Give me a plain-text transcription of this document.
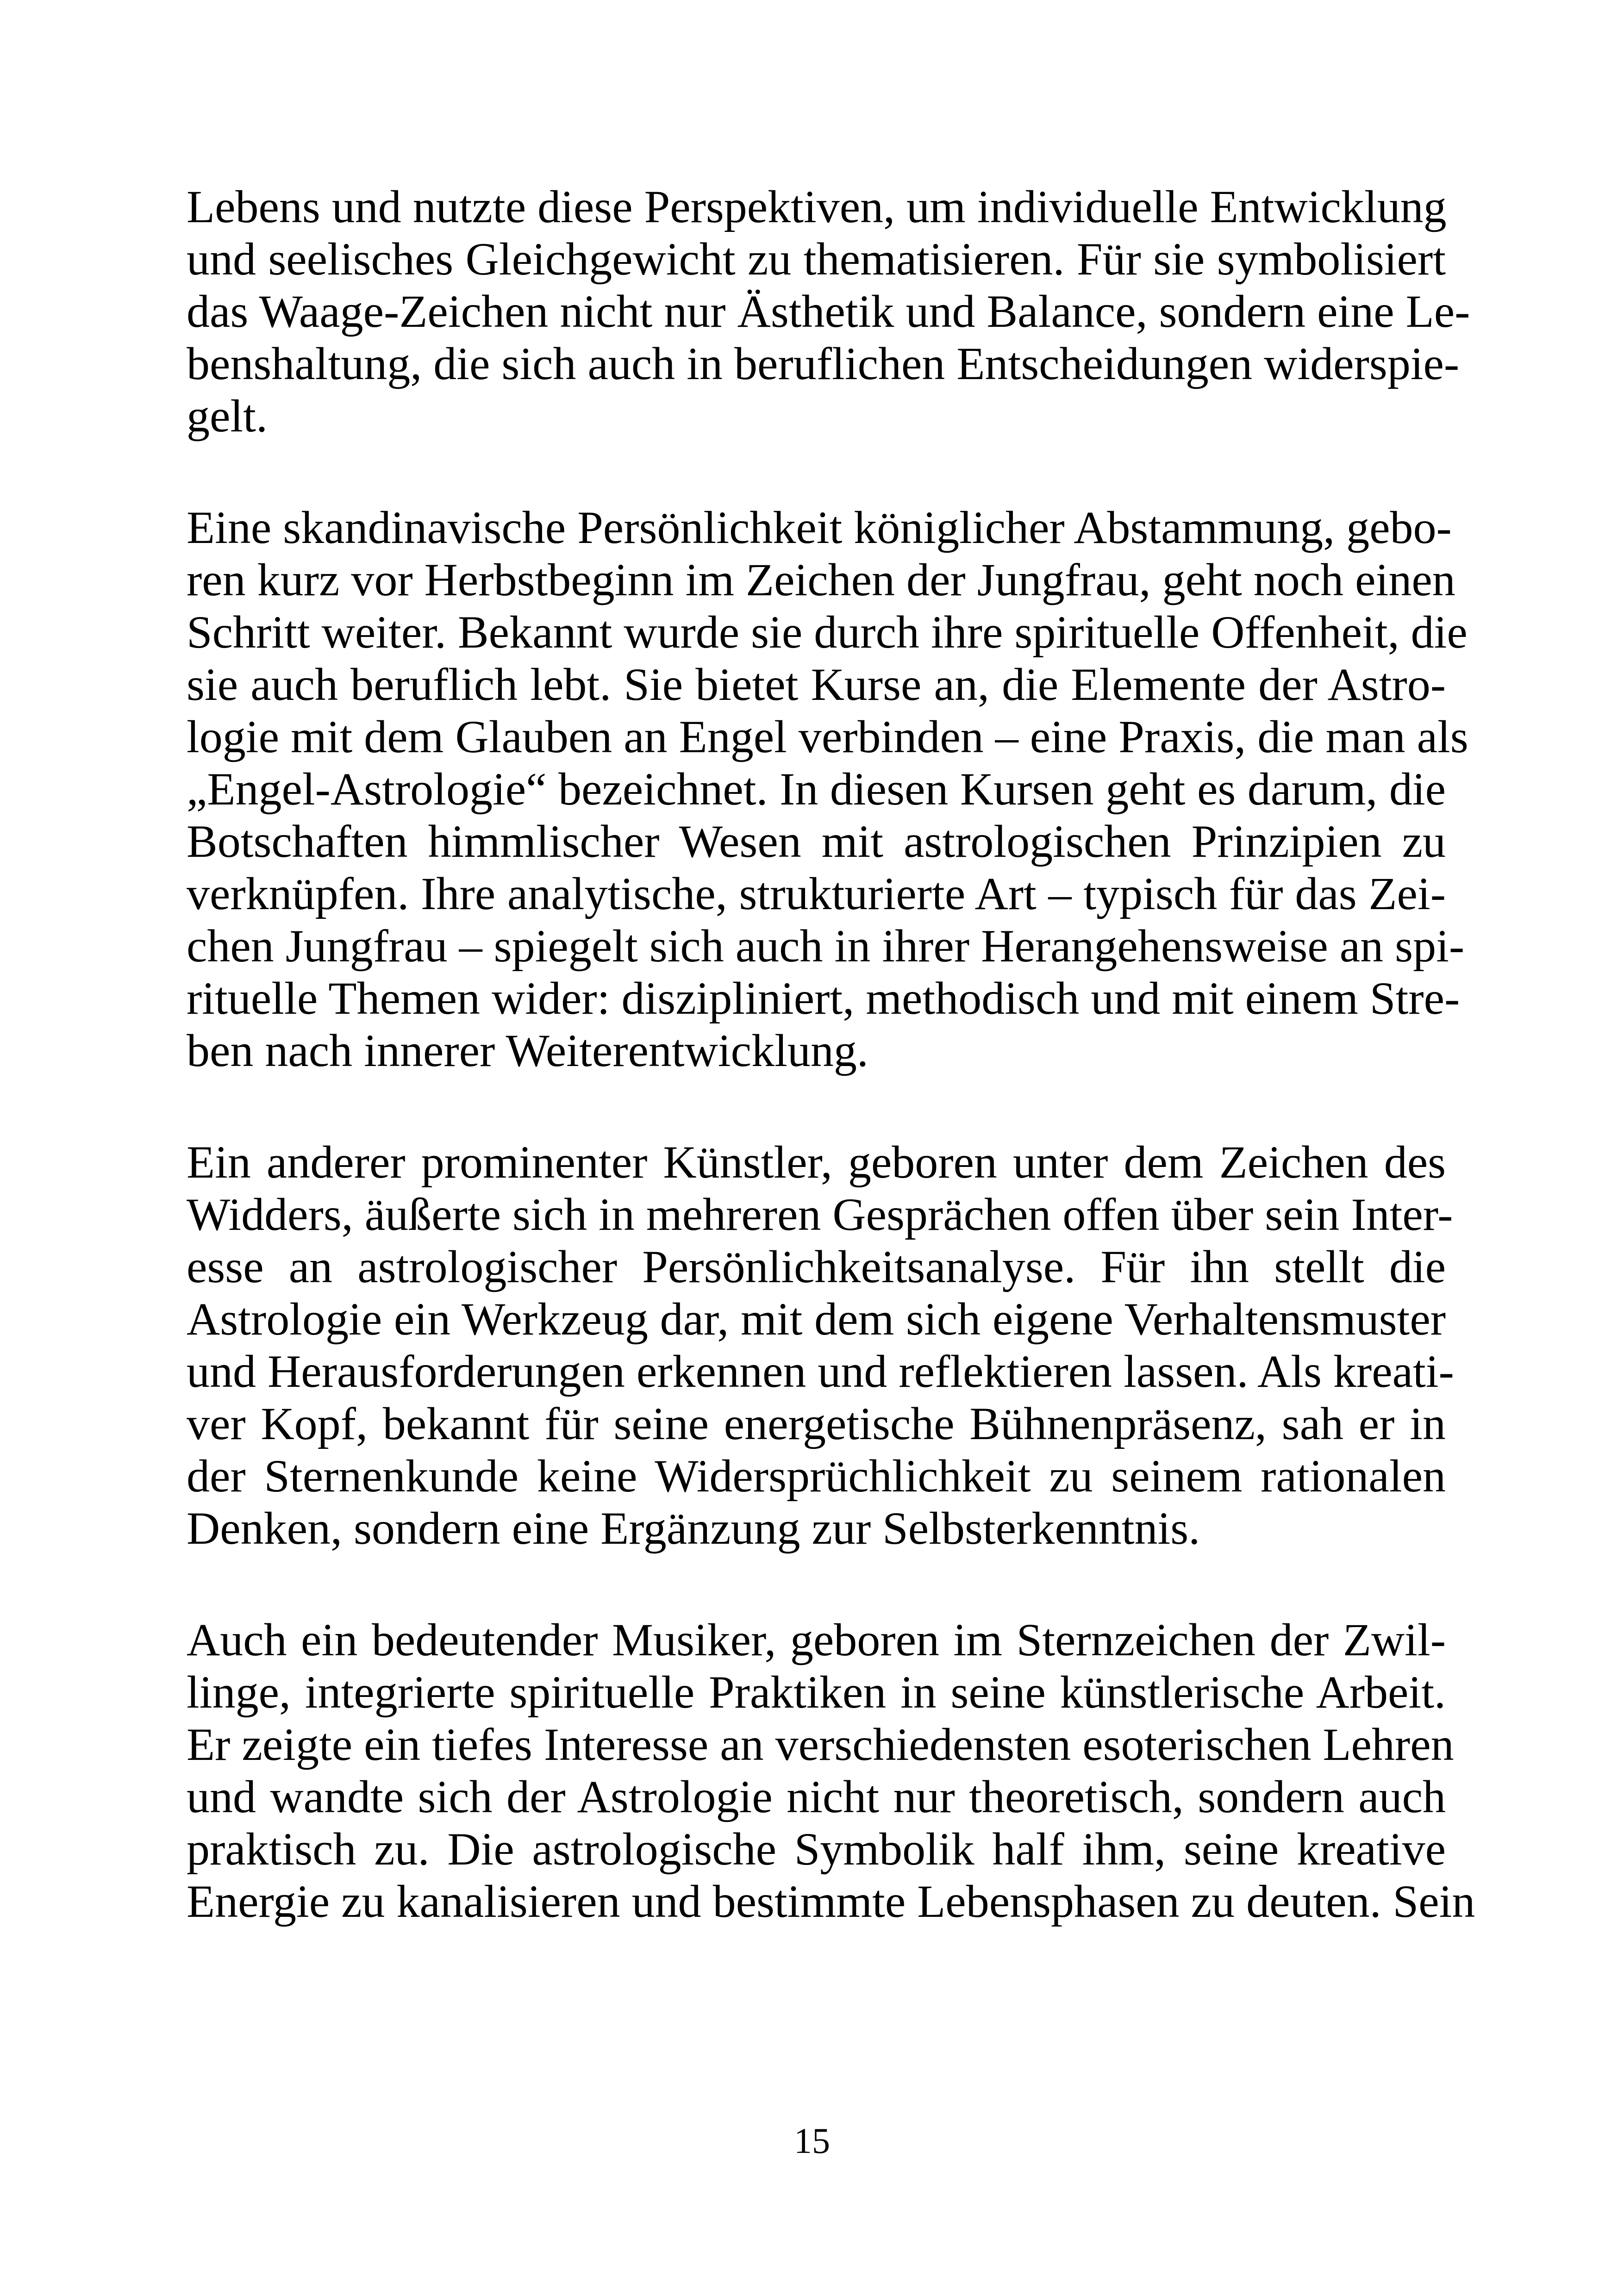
Lebens und nutzte diese Perspektiven, um individuelle Entwicklung
und seelisches Gleichgewicht zu thematisieren. Für sie symbolisiert
das Waage-Zeichen nicht nur Ästhetik und Balance, sondern eine Le-
benshaltung, die sich auch in beruflichen Entscheidungen widerspie-
gelt.

Eine skandinavische Persönlichkeit königlicher Abstammung, gebo-
ren kurz vor Herbstbeginn im Zeichen der Jungfrau, geht noch einen
Schritt weiter. Bekannt wurde sie durch ihre spirituelle Offenheit, die
sie auch beruflich lebt. Sie bietet Kurse an, die Elemente der Astro-
logie mit dem Glauben an Engel verbinden – eine Praxis, die man als
„Engel-Astrologie“ bezeichnet. In diesen Kursen geht es darum, die
Botschaften himmlischer Wesen mit astrologischen Prinzipien zu
verknüpfen. Ihre analytische, strukturierte Art – typisch für das Zei-
chen Jungfrau – spiegelt sich auch in ihrer Herangehensweise an spi-
rituelle Themen wider: diszipliniert, methodisch und mit einem Stre-
ben nach innerer Weiterentwicklung.

Ein anderer prominenter Künstler, geboren unter dem Zeichen des
Widders, äußerte sich in mehreren Gesprächen offen über sein Inter-
esse an astrologischer Persönlichkeitsanalyse. Für ihn stellt die
Astrologie ein Werkzeug dar, mit dem sich eigene Verhaltensmuster
und Herausforderungen erkennen und reflektieren lassen. Als kreati-
ver Kopf, bekannt für seine energetische Bühnenpräsenz, sah er in
der Sternenkunde keine Widersprüchlichkeit zu seinem rationalen
Denken, sondern eine Ergänzung zur Selbsterkenntnis.

Auch ein bedeutender Musiker, geboren im Sternzeichen der Zwil-
linge, integrierte spirituelle Praktiken in seine künstlerische Arbeit.
Er zeigte ein tiefes Interesse an verschiedensten esoterischen Lehren
und wandte sich der Astrologie nicht nur theoretisch, sondern auch
praktisch zu. Die astrologische Symbolik half ihm, seine kreative
Energie zu kanalisieren und bestimmte Lebensphasen zu deuten. Sein

15
